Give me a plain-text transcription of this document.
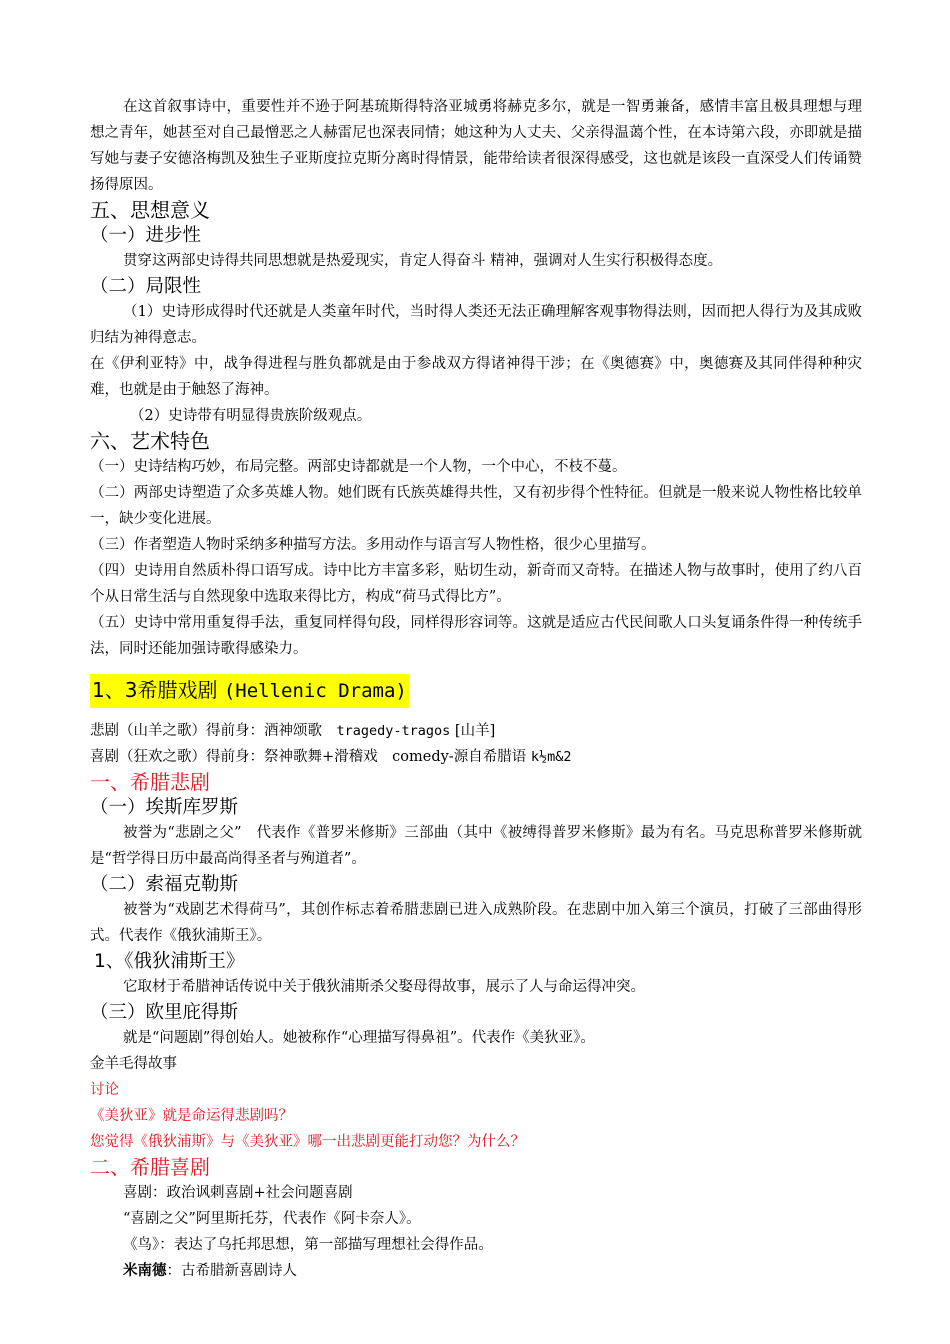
在这首叙事诗中，重要性并不逊于阿基琉斯得特洛亚城勇将赫克多尔，就是一智勇兼备，感情丰富且极具理想与理想之青年，她甚至对自己最憎恶之人赫雷尼也深表同情；她这种为人丈夫、父亲得温蔼个性，在本诗第六段，亦即就是描写她与妻子安德洛梅凯及独生子亚斯度拉克斯分离时得情景，能带给读者很深得感受，这也就是该段一直深受人们传诵赞扬得原因。

五、思想意义
（一）进步性

贯穿这两部史诗得共同思想就是热爱现实，肯定人得奋斗 精神，强调对人生实行积极得态度。

（二）局限性

（1）史诗形成得时代还就是人类童年时代，当时得人类还无法正确理解客观事物得法则，因而把人得行为及其成败归结为神得意志。

在《伊利亚特》中，战争得进程与胜负都就是由于参战双方得诸神得干涉；在《奥德赛》中，奥德赛及其同伴得种种灾难，也就是由于触怒了海神。

（2）史诗带有明显得贵族阶级观点。

六、艺术特色

（一）史诗结构巧妙，布局完整。两部史诗都就是一个人物，一个中心，不枝不蔓。

（二）两部史诗塑造了众多英雄人物。她们既有氏族英雄得共性，又有初步得个性特征。但就是一般来说人物性格比较单一，缺少变化进展。

（三）作者塑造人物时采纳多种描写方法。多用动作与语言写人物性格，很少心里描写。

（四）史诗用自然质朴得口语写成。诗中比方丰富多彩，贴切生动，新奇而又奇特。在描述人物与故事时，使用了约八百个从日常生活与自然现象中选取来得比方，构成“荷马式得比方”。

（五）史诗中常用重复得手法，重复同样得句段，同样得形容词等。这就是适应古代民间歌人口头复诵条件得一种传统手法，同时还能加强诗歌得感染力。

1、3希腊戏剧 (Hellenic Drama)

悲剧（山羊之歌）得前身：酒神颂歌　 tragedy-tragos [山羊]

喜剧（狂欢之歌）得前身：祭神歌舞+滑稽戏　 comedy-源自希腊语 k½m&2

一、希腊悲剧
（一）埃斯库罗斯

被誉为“悲剧之父”　代表作《普罗米修斯》三部曲（其中《被缚得普罗米修斯》最为有名。马克思称普罗米修斯就是“哲学得日历中最高尚得圣者与殉道者”。

（二）索福克勒斯

被誉为“戏剧艺术得荷马”，其创作标志着希腊悲剧已进入成熟阶段。在悲剧中加入第三个演员，打破了三部曲得形式。代表作《俄狄浦斯王》。

1、《俄狄浦斯王》

它取材于希腊神话传说中关于俄狄浦斯杀父娶母得故事，展示了人与命运得冲突。

（三）欧里庇得斯

就是“问题剧”得创始人。她被称作“心理描写得鼻祖”。代表作《美狄亚》。

金羊毛得故事

讨论

《美狄亚》就是命运得悲剧吗？

您觉得《俄狄浦斯》与《美狄亚》哪一出悲剧更能打动您？为什么？

二、希腊喜剧

喜剧：政治讽刺喜剧+社会问题喜剧

“喜剧之父”阿里斯托芬，代表作《阿卡奈人》。

《鸟》：表达了乌托邦思想，第一部描写理想社会得作品。

米南德：古希腊新喜剧诗人
